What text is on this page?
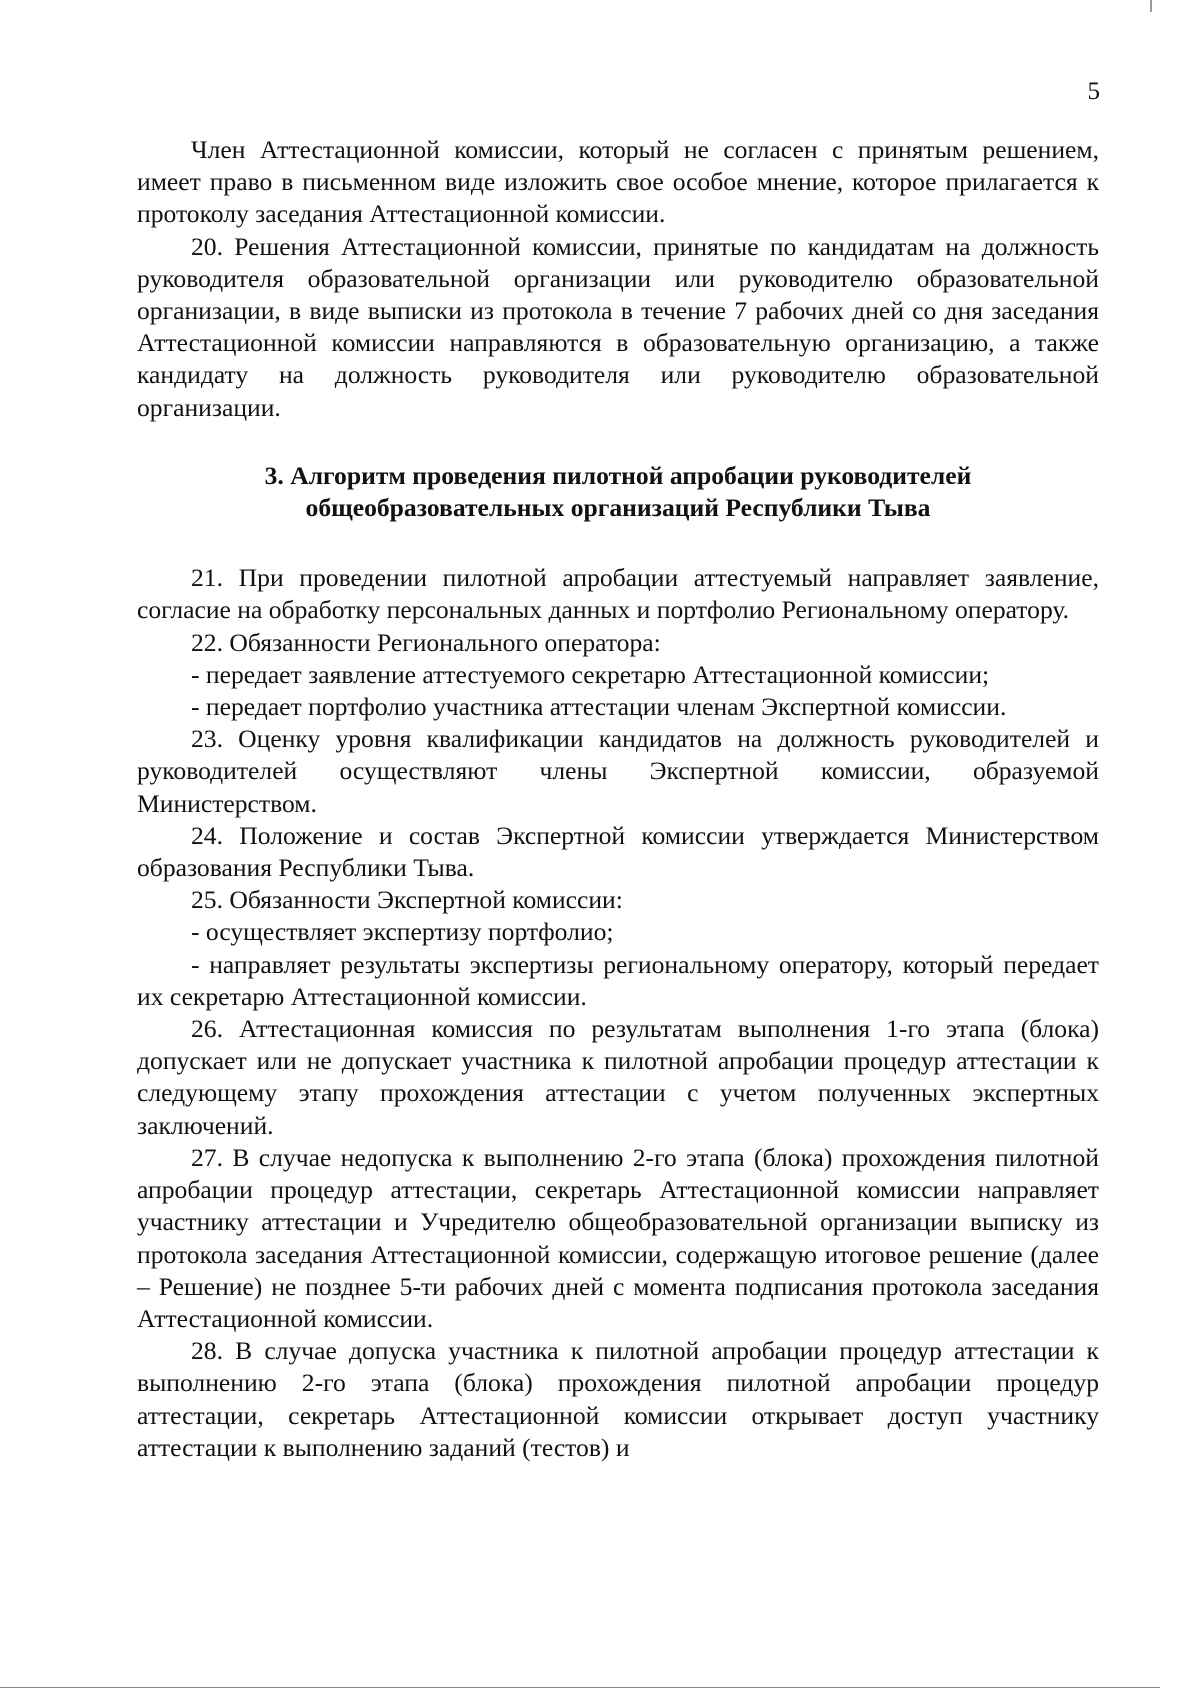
5

Член Аттестационной комиссии, который не согласен с принятым решением, имеет право в письменном виде изложить свое особое мнение, которое прилагается к протоколу заседания Аттестационной комиссии.

20. Решения Аттестационной комиссии, принятые по кандидатам на должность руководителя образовательной организации или руководителю образовательной организации, в виде выписки из протокола в течение 7 рабочих дней со дня заседания Аттестационной комиссии направляются в образовательную организацию, а также кандидату на должность руководителя или руководителю образовательной организации.

3. Алгоритм проведения пилотной апробации руководителей
общеобразовательных организаций Республики Тыва

21. При проведении пилотной апробации аттестуемый направляет заявление, согласие на обработку персональных данных и портфолио Региональному оператору.

22. Обязанности Регионального оператора:

- передает заявление аттестуемого секретарю Аттестационной комиссии;

- передает портфолио участника аттестации членам Экспертной комиссии.

23. Оценку уровня квалификации кандидатов на должность руководителей и руководителей осуществляют члены Экспертной комиссии, образуемой Министерством.

24. Положение и состав Экспертной комиссии утверждается Министерством образования Республики Тыва.

25. Обязанности Экспертной комиссии:

- осуществляет экспертизу портфолио;

- направляет результаты экспертизы региональному оператору, который передает их секретарю Аттестационной комиссии.

26. Аттестационная комиссия по результатам выполнения 1-го этапа (блока) допускает или не допускает участника к пилотной апробации процедур аттестации к следующему этапу прохождения аттестации с учетом полученных экспертных заключений.

27. В случае недопуска к выполнению 2-го этапа (блока) прохождения пилотной апробации процедур аттестации, секретарь Аттестационной комиссии направляет участнику аттестации и Учредителю общеобразовательной организации выписку из протокола заседания Аттестационной комиссии, содержащую итоговое решение (далее – Решение) не позднее 5-ти рабочих дней с момента подписания протокола заседания Аттестационной комиссии.

28. В случае допуска участника к пилотной апробации процедур аттестации к выполнению 2-го этапа (блока) прохождения пилотной апробации процедур аттестации, секретарь Аттестационной комиссии открывает доступ участнику аттестации к выполнению заданий (тестов) и
